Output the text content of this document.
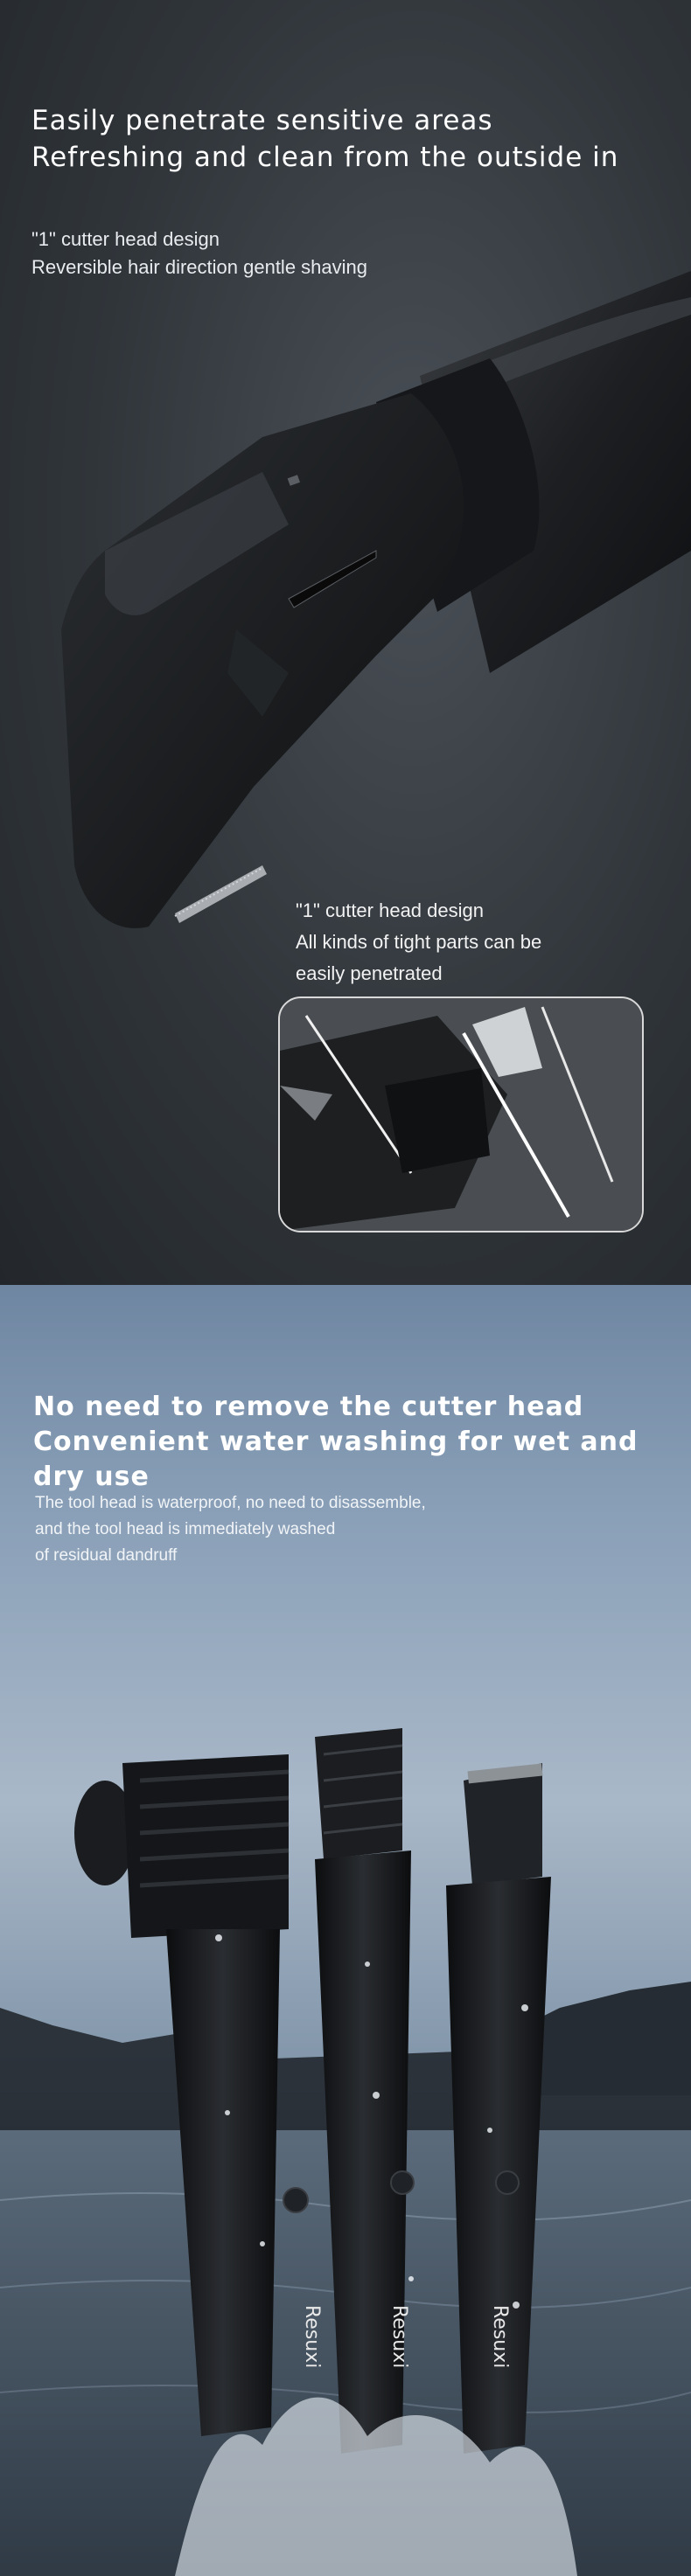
Easily penetrate sensitive areas
Refreshing and clean from the outside in

"1" cutter head design

Reversible hair direction gentle shaving

"1" cutter head design

All kinds of tight parts can be

easily penetrated

No need to remove the cutter head
Convenient water washing for wet and dry use

The tool head is waterproof, no need to disassemble,

and the tool head is immediately washed

of residual dandruff

Resuxi	Resuxi	Resuxi
